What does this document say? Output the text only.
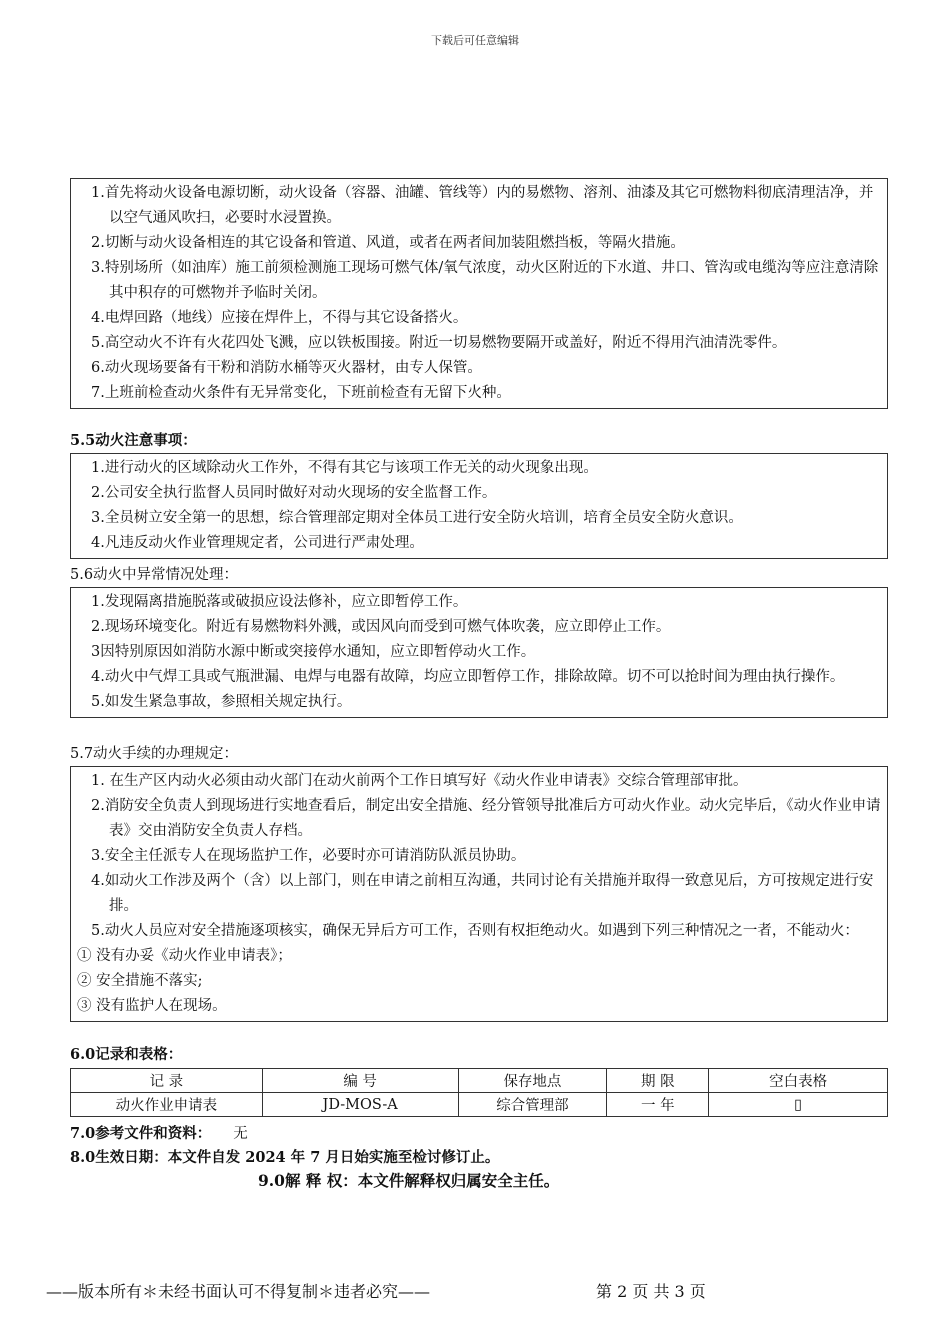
下载后可任意编辑
1.首先将动火设备电源切断，动火设备（容器、油罐、管线等）内的易燃物、溶剂、油漆及其它可燃物料彻底清理洁净，并以空气通风吹扫，必要时水浸置换。
2.切断与动火设备相连的其它设备和管道、风道，或者在两者间加装阻燃挡板，等隔火措施。
3.特别场所（如油库）施工前须检测施工现场可燃气体/氧气浓度，动火区附近的下水道、井口、管沟或电缆沟等应注意清除其中积存的可燃物并予临时关闭。
4.电焊回路（地线）应接在焊件上，不得与其它设备搭火。
5.高空动火不许有火花四处飞溅，应以铁板围接。附近一切易燃物要隔开或盖好，附近不得用汽油清洗零件。
6.动火现场要备有干粉和消防水桶等灭火器材，由专人保管。
7.上班前检查动火条件有无异常变化，下班前检查有无留下火种。
5.5动火注意事项：
1.进行动火的区域除动火工作外，不得有其它与该项工作无关的动火现象出现。
2.公司安全执行监督人员同时做好对动火现场的安全监督工作。
3.全员树立安全第一的思想，综合管理部定期对全体员工进行安全防火培训，培育全员安全防火意识。
4.凡违反动火作业管理规定者，公司进行严肃处理。
5.6动火中异常情况处理：
1.发现隔离措施脱落或破损应设法修补，应立即暂停工作。
2.现场环境变化。附近有易燃物料外溅，或因风向而受到可燃气体吹袭，应立即停止工作。
3因特别原因如消防水源中断或突接停水通知，应立即暂停动火工作。
4.动火中气焊工具或气瓶泄漏、电焊与电器有故障，均应立即暂停工作，排除故障。切不可以抢时间为理由执行操作。
5.如发生紧急事故，参照相关规定执行。
5.7动火手续的办理规定：
1. 在生产区内动火必须由动火部门在动火前两个工作日填写好《动火作业申请表》交综合管理部审批。
2.消防安全负责人到现场进行实地查看后，制定出安全措施、经分管领导批准后方可动火作业。动火完毕后，《动火作业申请表》交由消防安全负责人存档。
3.安全主任派专人在现场监护工作，必要时亦可请消防队派员协助。
4.如动火工作涉及两个（含）以上部门，则在申请之前相互沟通，共同讨论有关措施并取得一致意见后，方可按规定进行安排。
5.动火人员应对安全措施逐项核实，确保无异后方可工作，否则有权拒绝动火。如遇到下列三种情况之一者，不能动火：
① 没有办妥《动火作业申请表》；
② 安全措施不落实;
③ 没有监护人在现场。
6.0记录和表格：
记 录	编 号	保存地点	期 限	空白表格
动火作业申请表	JD-MOS-A	综合管理部	一 年	▯
7.0参考文件和资料： 无
8.0生效日期：本文件自发 2024 年 7 月日始实施至检讨修订止。
9.0解 释 权：本文件解释权归属安全主任。
——版本所有＊未经书面认可不得复制＊违者必究——	第 2 页 共 3 页
